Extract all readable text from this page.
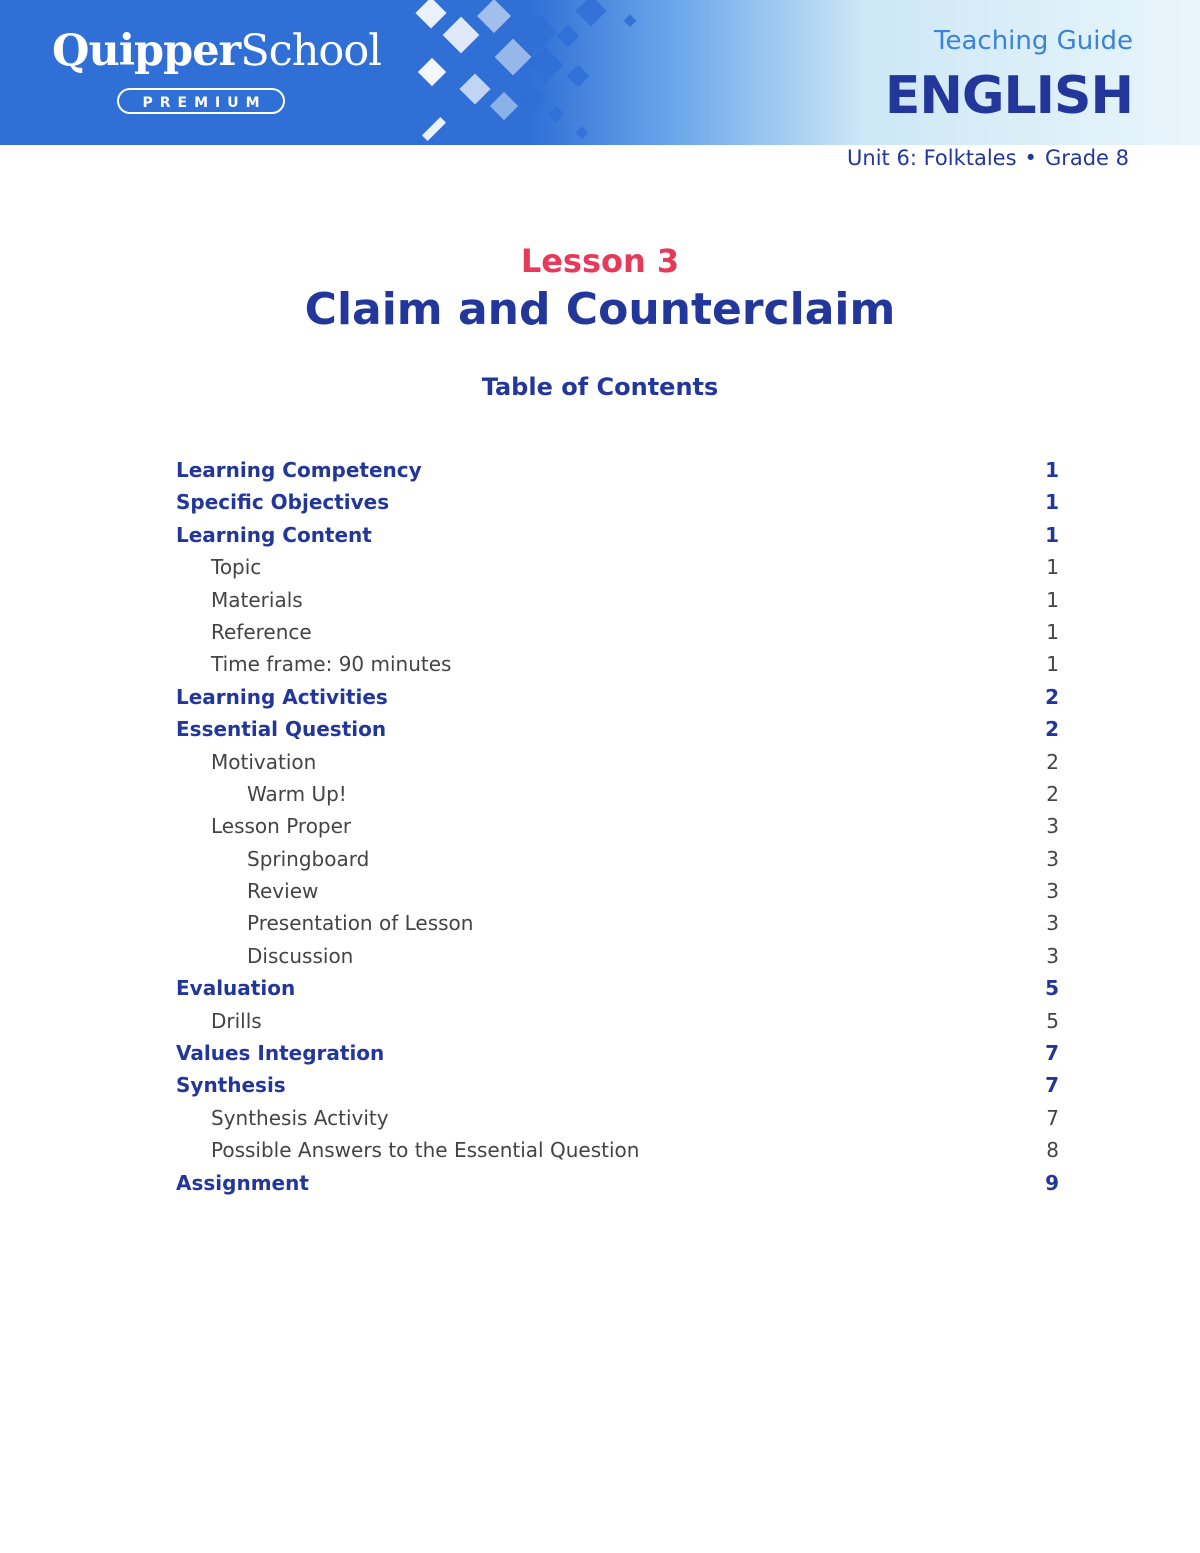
QuipperSchool
PREMIUM
Teaching Guide
ENGLISH
Unit 6: Folktales • Grade 8
Lesson 3
Claim and Counterclaim
Table of Contents
Learning Competency	1
Specific Objectives	1
Learning Content	1
Topic	1
Materials	1
Reference	1
Time frame: 90 minutes	1
Learning Activities	2
Essential Question	2
Motivation	2
Warm Up!	2
Lesson Proper	3
Springboard	3
Review	3
Presentation of Lesson	3
Discussion	3
Evaluation	5
Drills	5
Values Integration	7
Synthesis	7
Synthesis Activity	7
Possible Answers to the Essential Question	8
Assignment	9
